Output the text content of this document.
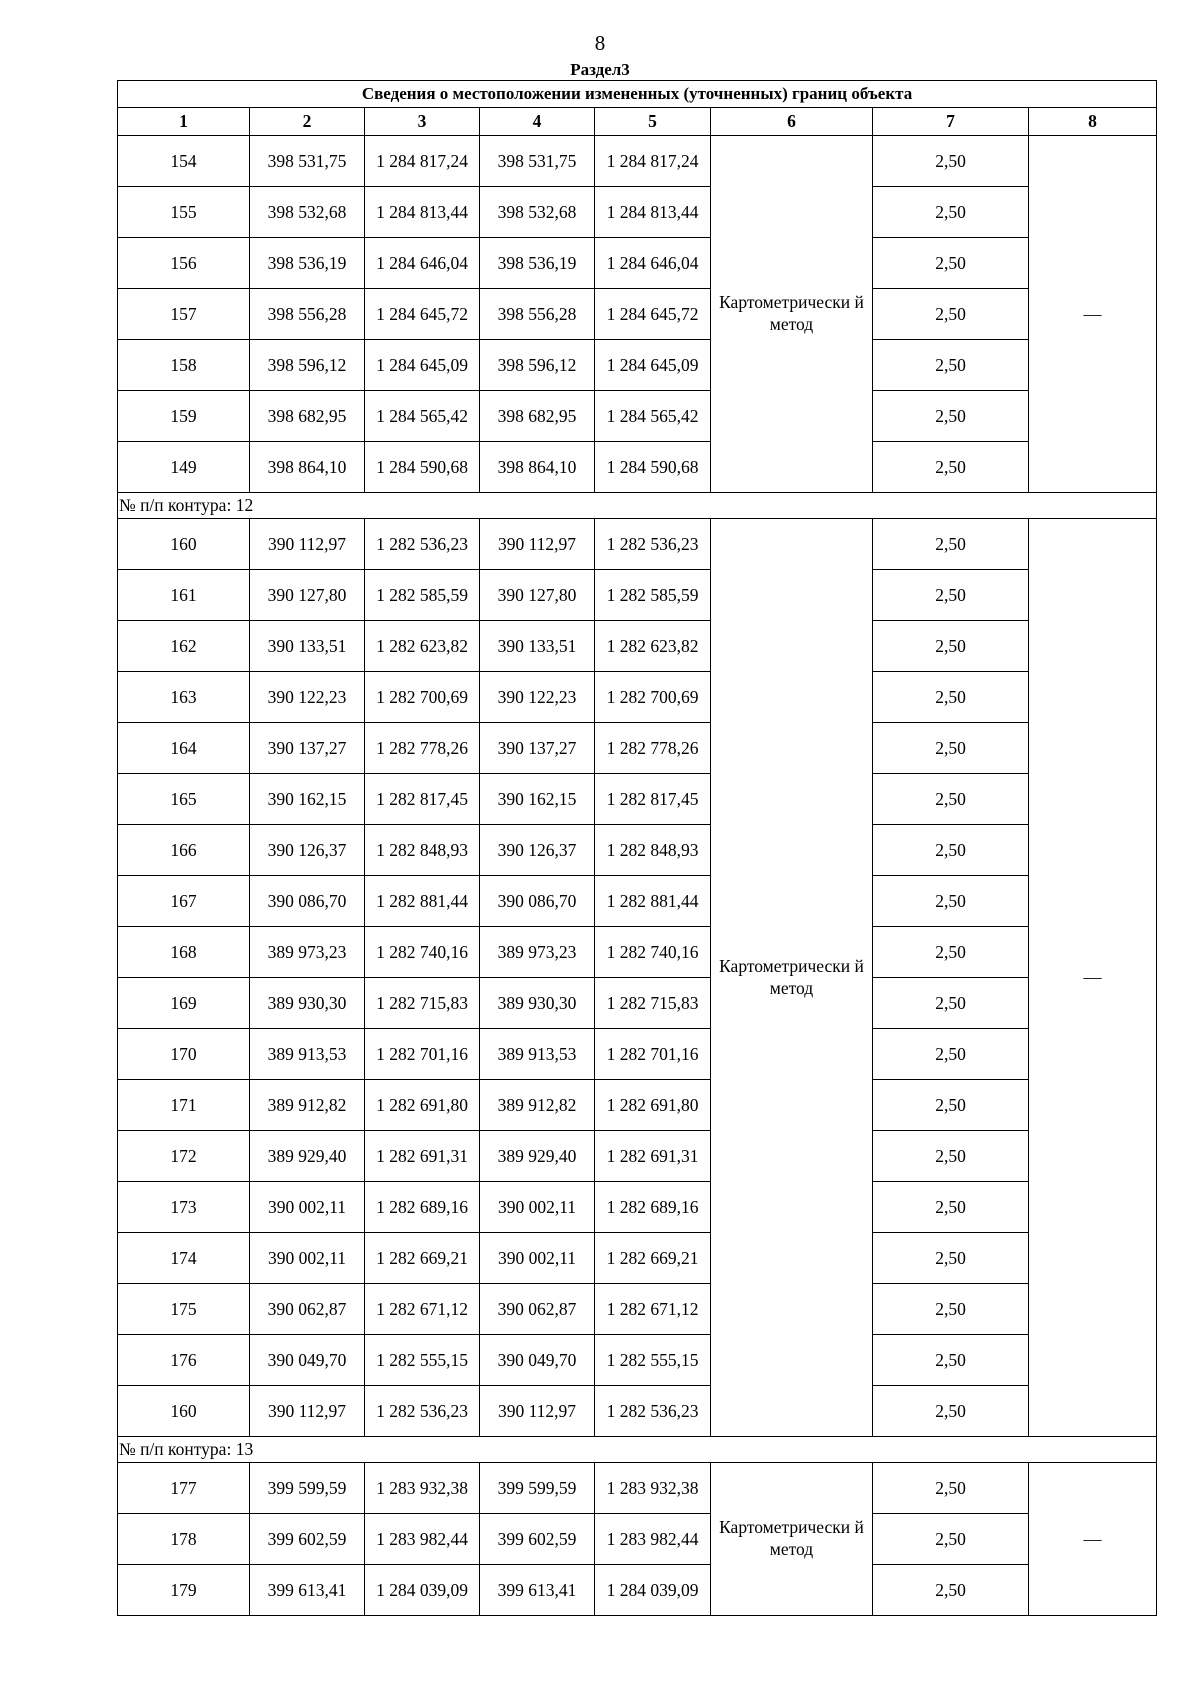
8
Раздел3
Сведения о местоположении измененных (уточненных) границ объекта							
1	2	3	4	5	6	7	8
154	398 531,75	1 284 817,24	398 531,75	1 284 817,24	Картометрически й метод	2,50	—
155	398 532,68	1 284 813,44	398 532,68	1 284 813,44		2,50	
156	398 536,19	1 284 646,04	398 536,19	1 284 646,04		2,50	
157	398 556,28	1 284 645,72	398 556,28	1 284 645,72		2,50	
158	398 596,12	1 284 645,09	398 596,12	1 284 645,09		2,50	
159	398 682,95	1 284 565,42	398 682,95	1 284 565,42		2,50	
149	398 864,10	1 284 590,68	398 864,10	1 284 590,68		2,50	
№ п/п контура: 12							
160	390 112,97	1 282 536,23	390 112,97	1 282 536,23	Картометрически й метод	2,50	—
161	390 127,80	1 282 585,59	390 127,80	1 282 585,59		2,50	
162	390 133,51	1 282 623,82	390 133,51	1 282 623,82		2,50	
163	390 122,23	1 282 700,69	390 122,23	1 282 700,69		2,50	
164	390 137,27	1 282 778,26	390 137,27	1 282 778,26		2,50	
165	390 162,15	1 282 817,45	390 162,15	1 282 817,45		2,50	
166	390 126,37	1 282 848,93	390 126,37	1 282 848,93		2,50	
167	390 086,70	1 282 881,44	390 086,70	1 282 881,44		2,50	
168	389 973,23	1 282 740,16	389 973,23	1 282 740,16		2,50	
169	389 930,30	1 282 715,83	389 930,30	1 282 715,83		2,50	
170	389 913,53	1 282 701,16	389 913,53	1 282 701,16		2,50	
171	389 912,82	1 282 691,80	389 912,82	1 282 691,80		2,50	
172	389 929,40	1 282 691,31	389 929,40	1 282 691,31		2,50	
173	390 002,11	1 282 689,16	390 002,11	1 282 689,16		2,50	
174	390 002,11	1 282 669,21	390 002,11	1 282 669,21		2,50	
175	390 062,87	1 282 671,12	390 062,87	1 282 671,12		2,50	
176	390 049,70	1 282 555,15	390 049,70	1 282 555,15		2,50	
160	390 112,97	1 282 536,23	390 112,97	1 282 536,23		2,50	
№ п/п контура: 13							
177	399 599,59	1 283 932,38	399 599,59	1 283 932,38	Картометрически й метод	2,50	—
178	399 602,59	1 283 982,44	399 602,59	1 283 982,44		2,50	
179	399 613,41	1 284 039,09	399 613,41	1 284 039,09		2,50	
